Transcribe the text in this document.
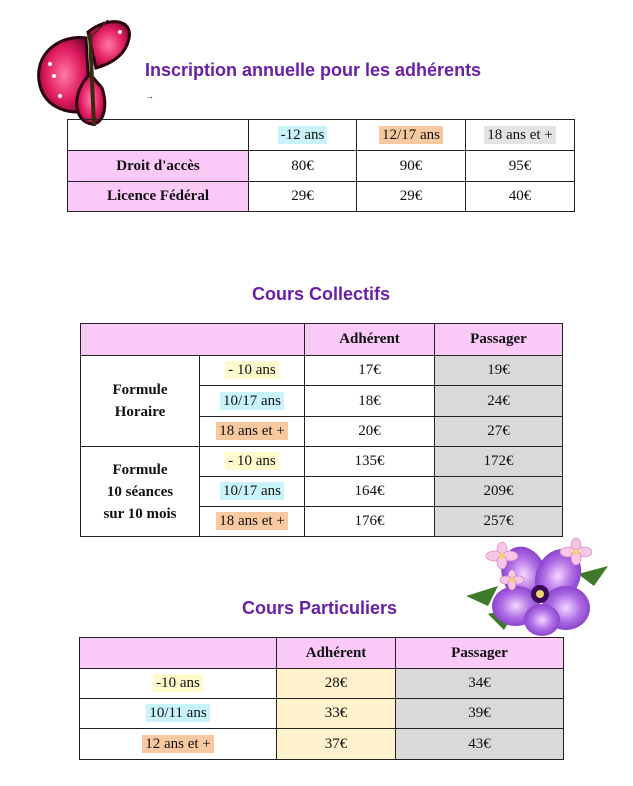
Inscription annuelle pour les adhérents
→
	-12 ans	12/17 ans	18 ans et +
Droit d'accès	80€	90€	95€
Licence Fédéral	29€	29€	40€
Cours Collectifs
		Adhérent	Passager
Formule
Horaire	- 10 ans	17€	19€
	10/17 ans	18€	24€
	18 ans et +	20€	27€
Formule
10 séances
sur 10 mois	- 10 ans	135€	172€
	10/17 ans	164€	209€
	18 ans et +	176€	257€
Cours Particuliers
	Adhérent	Passager
-10 ans	28€	34€
10/11 ans	33€	39€
12 ans et +	37€	43€
